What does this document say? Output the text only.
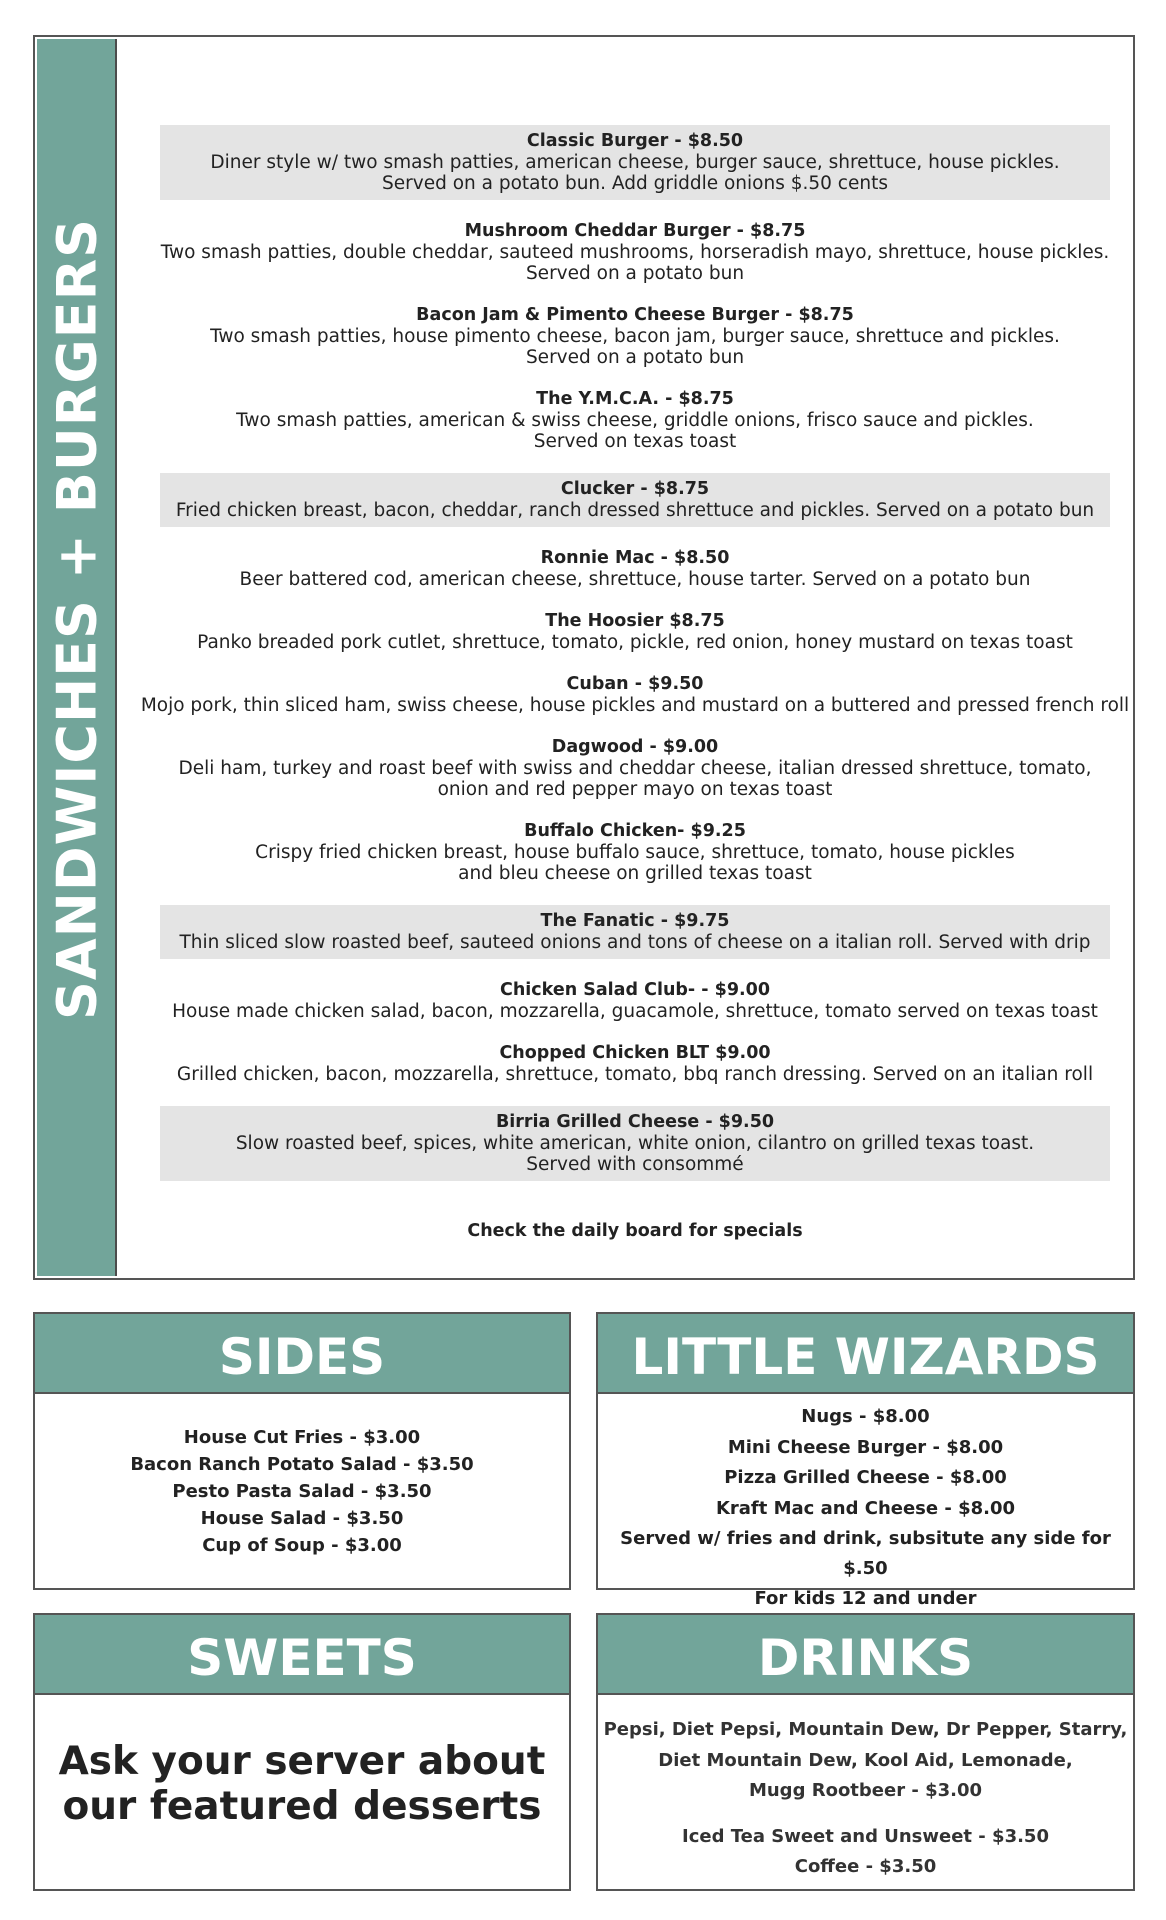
SANDWICHES + BURGERS
Classic Burger - $8.50
Diner style w/ two smash patties, american cheese, burger sauce, shrettuce, house pickles.
Served on a potato bun. Add griddle onions $.50 cents
Mushroom Cheddar Burger - $8.75
Two smash patties, double cheddar, sauteed mushrooms, horseradish mayo, shrettuce, house pickles.
Served on a potato bun
Bacon Jam & Pimento Cheese Burger - $8.75
Two smash patties, house pimento cheese, bacon jam, burger sauce, shrettuce and pickles.
Served on a potato bun
The Y.M.C.A. - $8.75
Two smash patties, american & swiss cheese, griddle onions, frisco sauce and pickles.
Served on texas toast
Clucker - $8.75
Fried chicken breast, bacon, cheddar, ranch dressed shrettuce and pickles. Served on a potato bun
Ronnie Mac - $8.50
Beer battered cod, american cheese, shrettuce, house tarter. Served on a potato bun
The Hoosier $8.75
Panko breaded pork cutlet, shrettuce, tomato, pickle, red onion, honey mustard on texas toast
Cuban - $9.50
Mojo pork, thin sliced ham, swiss cheese, house pickles and mustard on a buttered and pressed french roll
Dagwood - $9.00
Deli ham, turkey and roast beef with swiss and cheddar cheese, italian dressed shrettuce, tomato,
onion and red pepper mayo on texas toast
Buffalo Chicken- $9.25
Crispy fried chicken breast, house buffalo sauce, shrettuce, tomato, house pickles
and bleu cheese on grilled texas toast
The Fanatic - $9.75
Thin sliced slow roasted beef, sauteed onions and tons of cheese on a italian roll. Served with drip
Chicken Salad Club- - $9.00
House made chicken salad, bacon, mozzarella, guacamole, shrettuce, tomato served on texas toast
Chopped Chicken BLT $9.00
Grilled chicken, bacon, mozzarella, shrettuce, tomato, bbq ranch dressing. Served on an italian roll
Birria Grilled Cheese - $9.50
Slow roasted beef, spices, white american, white onion, cilantro on grilled texas toast.
Served with consommé
Check the daily board for specials
SIDES
House Cut Fries - $3.00
Bacon Ranch Potato Salad - $3.50
Pesto Pasta Salad - $3.50
House Salad - $3.50
Cup of Soup - $3.00
LITTLE WIZARDS
Nugs - $8.00
Mini Cheese Burger - $8.00
Pizza Grilled Cheese - $8.00
Kraft Mac and Cheese - $8.00
Served w/ fries and drink, subsitute any side for $.50
For kids 12 and under
SWEETS
Ask your server about
our featured desserts
DRINKS
Pepsi, Diet Pepsi, Mountain Dew, Dr Pepper, Starry,
Diet Mountain Dew, Kool Aid, Lemonade,
Mugg Rootbeer - $3.00
Iced Tea Sweet and Unsweet - $3.50
Coffee - $3.50
